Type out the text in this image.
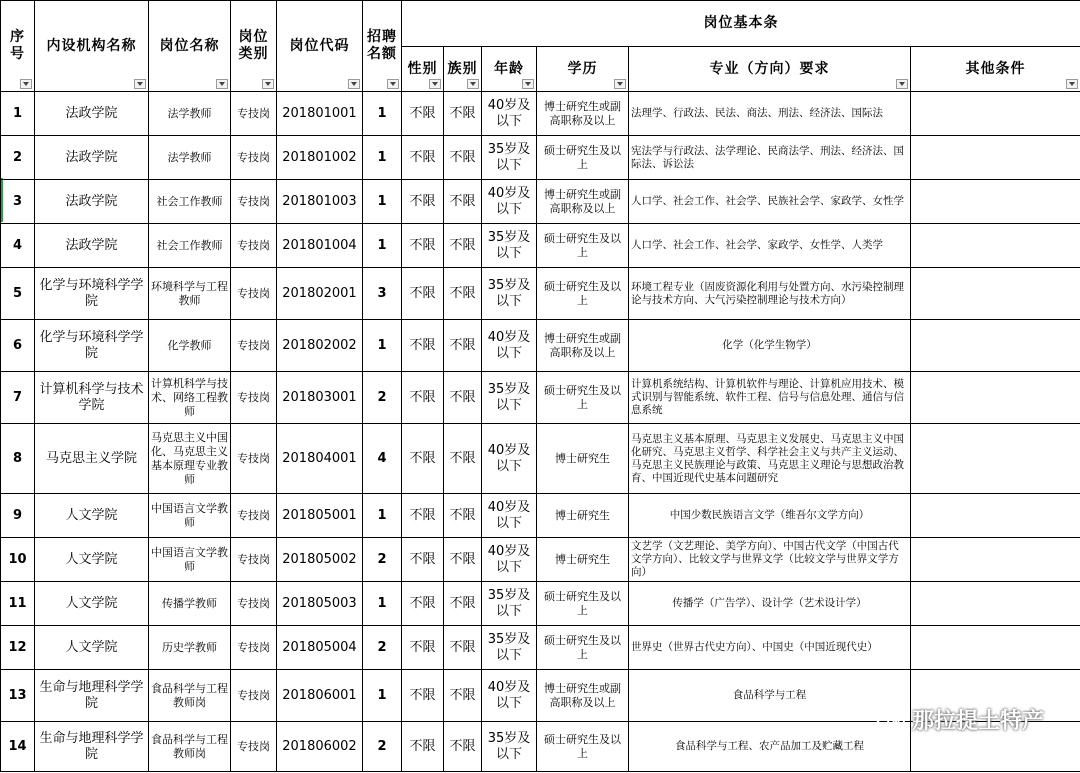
序号	内设机构名称	岗位名称	岗位类别	岗位代码	招聘名额	岗位基本条					
						性别	族别	年龄	学历	专业（方向）要求	其他条件

1	法政学院	法学教师	专技岗	201801001	1	不限	不限	40岁及以下	博士研究生或副高职称及以上	法理学、行政法、民法、商法、刑法、经济法、国际法	
2	法政学院	法学教师	专技岗	201801002	1	不限	不限	35岁及以下	硕士研究生及以上	宪法学与行政法、法学理论、民商法学、刑法、经济法、国际法、诉讼法	
3	法政学院	社会工作教师	专技岗	201801003	1	不限	不限	40岁及以下	博士研究生或副高职称及以上	人口学、社会工作、社会学、民族社会学、家政学、女性学	
4	法政学院	社会工作教师	专技岗	201801004	1	不限	不限	35岁及以下	硕士研究生及以上	人口学、社会工作、社会学、家政学、女性学、人类学	
5	化学与环境科学学院	环境科学与工程教师	专技岗	201802001	3	不限	不限	35岁及以下	硕士研究生及以上	环境工程专业（固废资源化利用与处置方向、水污染控制理论与技术方向、大气污染控制理论与技术方向）	
6	化学与环境科学学院	化学教师	专技岗	201802002	1	不限	不限	40岁及以下	博士研究生或副高职称及以上	化学（化学生物学）	
7	计算机科学与技术学院	计算机科学与技术、网络工程教师	专技岗	201803001	2	不限	不限	35岁及以下	硕士研究生及以上	计算机系统结构、计算机软件与理论、计算机应用技术、模式识别与智能系统、软件工程、信号与信息处理、通信与信息系统	
8	马克思主义学院	马克思主义中国化、马克思主义基本原理专业教师	专技岗	201804001	4	不限	不限	40岁及以下	博士研究生	马克思主义基本原理、马克思主义发展史、马克思主义中国化研究、马克思主义哲学、科学社会主义与共产主义运动、马克思主义民族理论与政策、马克思主义理论与思想政治教育、中国近现代史基本问题研究	
9	人文学院	中国语言文学教师	专技岗	201805001	1	不限	不限	40岁及以下	博士研究生	中国少数民族语言文学（维吾尔文学方向）	
10	人文学院	中国语言文学教师	专技岗	201805002	2	不限	不限	40岁及以下	博士研究生	文艺学（文艺理论、美学方向）、中国古代文学（中国古代文学方向）、比较文学与世界文学（比较文学与世界文学方向）	
11	人文学院	传播学教师	专技岗	201805003	1	不限	不限	35岁及以下	硕士研究生及以上	传播学（广告学）、设计学（艺术设计学）	
12	人文学院	历史学教师	专技岗	201805004	2	不限	不限	35岁及以下	硕士研究生及以上	世界史（世界古代史方向）、中国史（中国近现代史）	
13	生命与地理科学学院	食品科学与工程教师岗	专技岗	201806001	1	不限	不限	40岁及以下	博士研究生或副高职称及以上	食品科学与工程	
14	生命与地理科学学院	食品科学与工程教师岗	专技岗	201806002	2	不限	不限	35岁及以下	硕士研究生及以上	食品科学与工程、农产品加工及贮藏工程	
那拉提土特产
